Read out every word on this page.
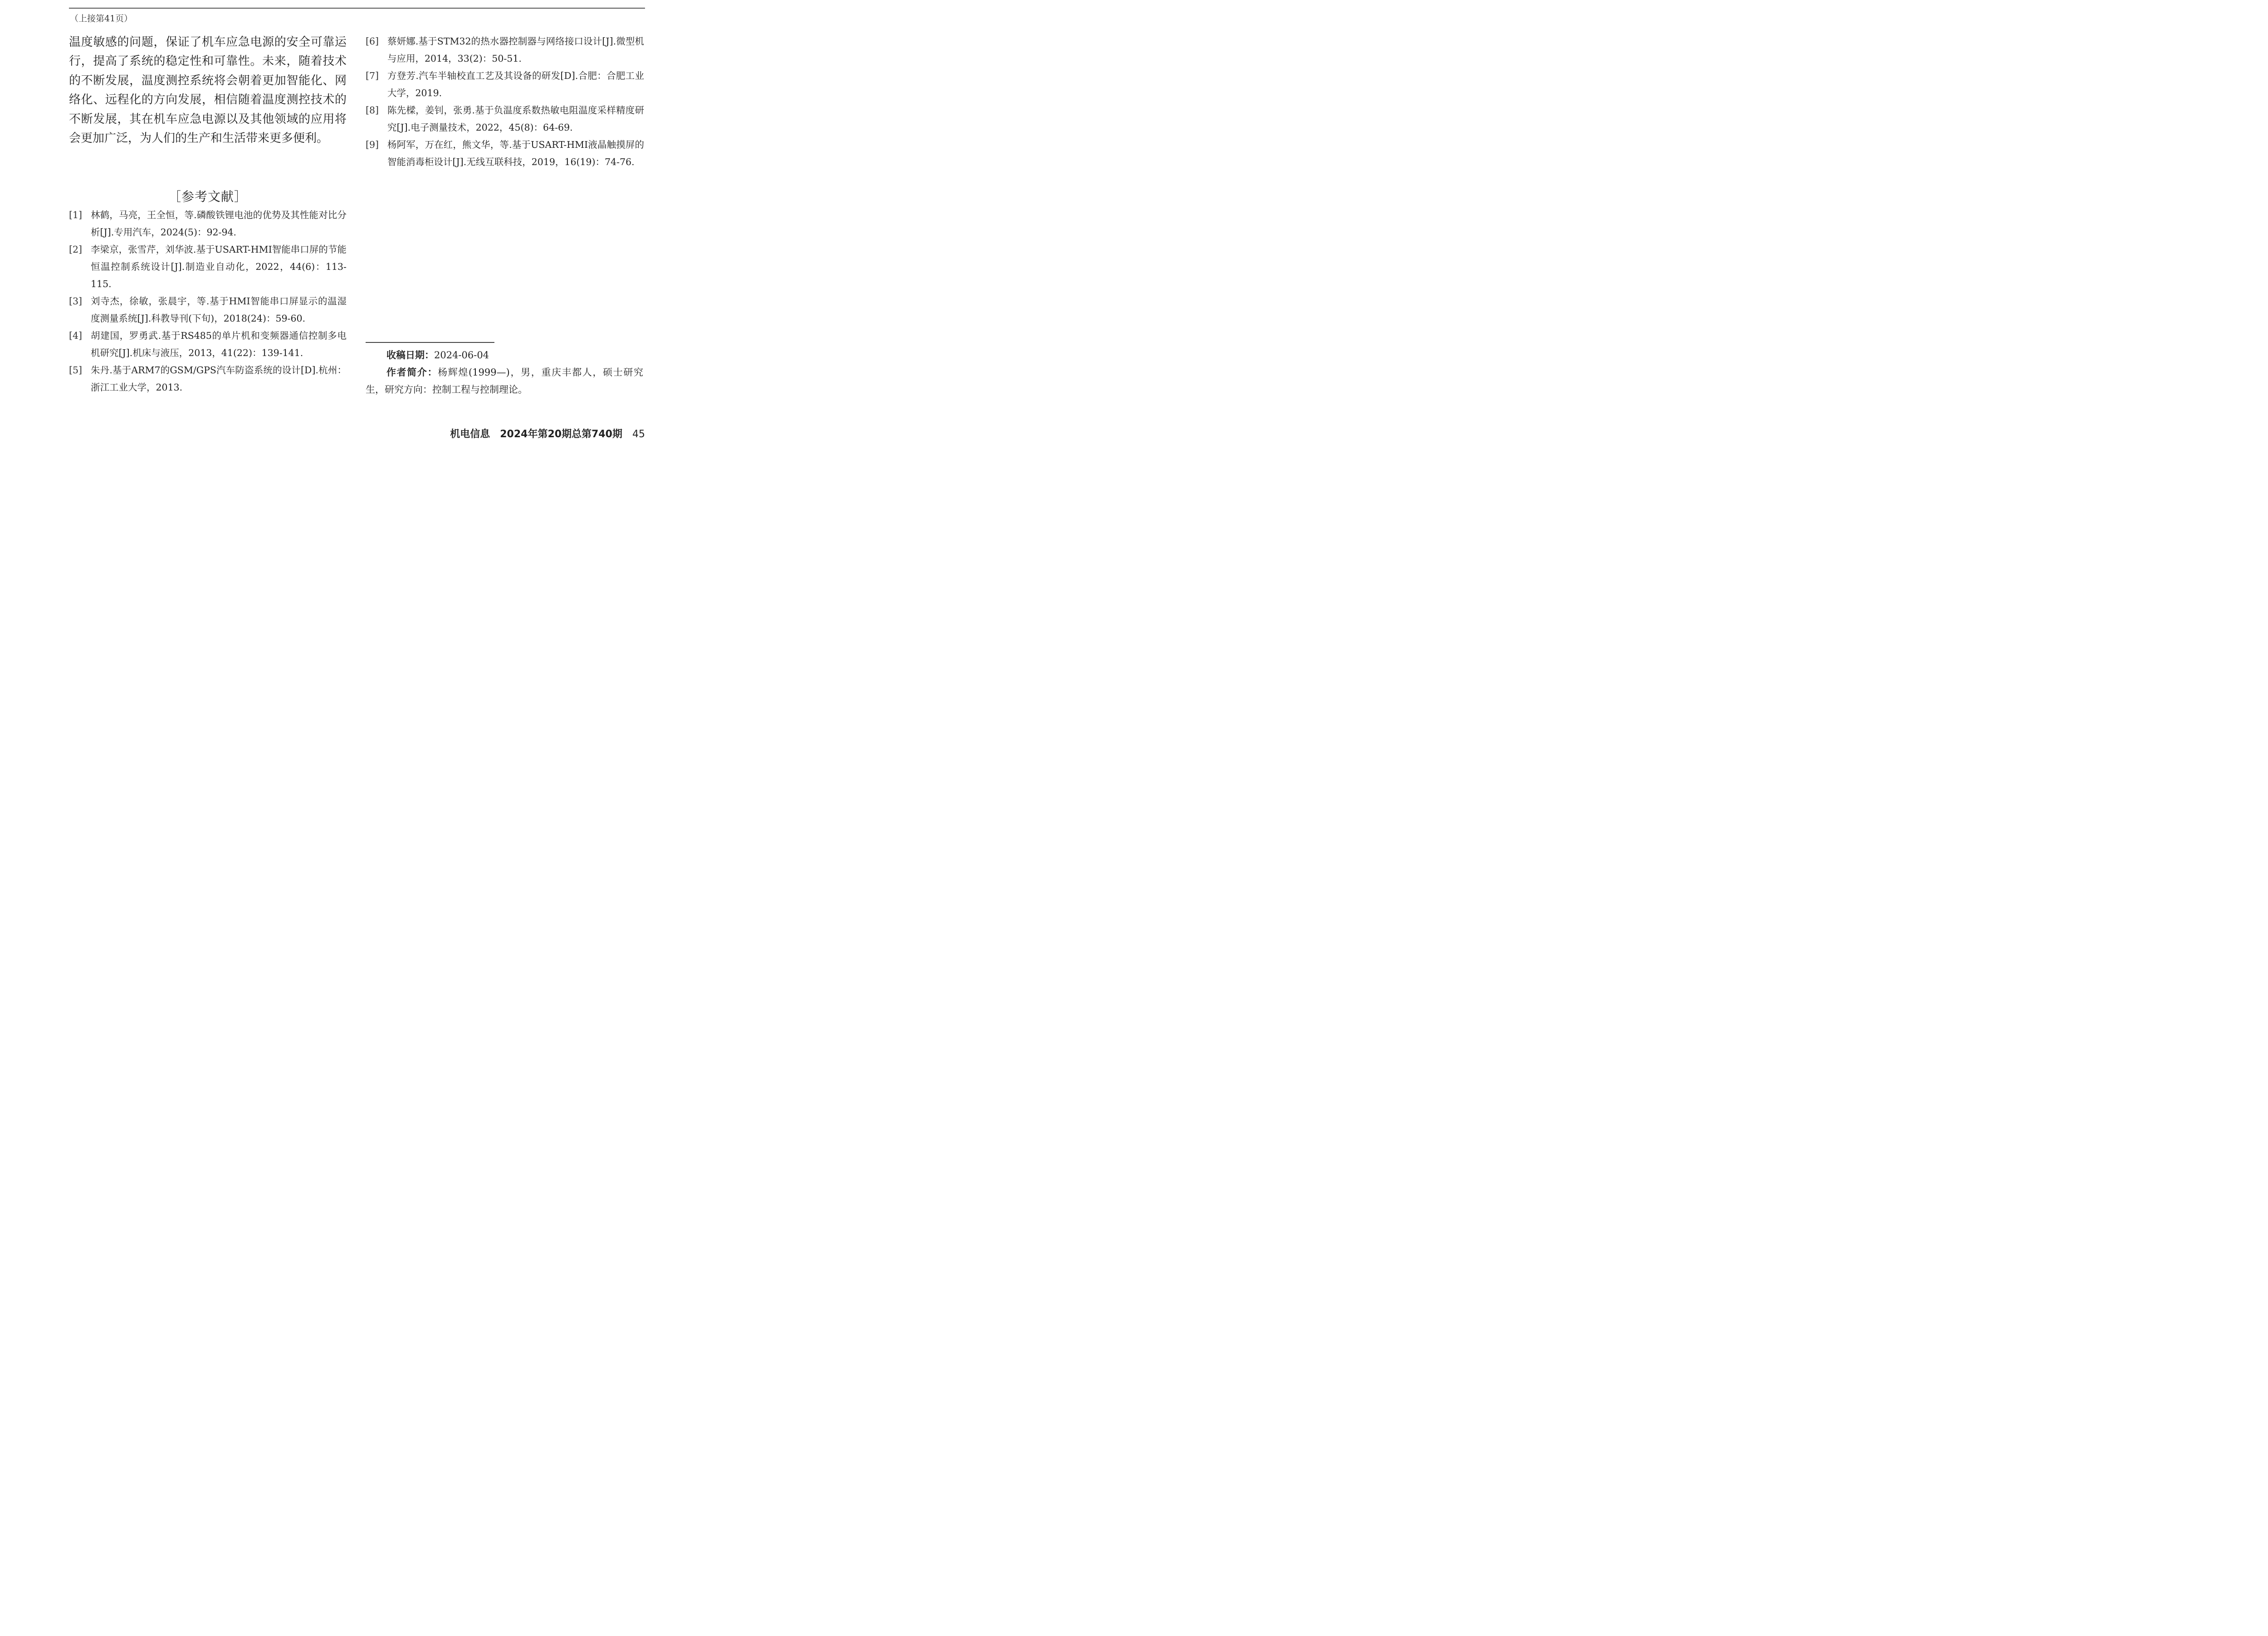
（上接第41页）

温度敏感的问题，保证了机车应急电源的安全可靠运行，提高了系统的稳定性和可靠性。未来，随着技术的不断发展，温度测控系统将会朝着更加智能化、网络化、远程化的方向发展，相信随着温度测控技术的不断发展，其在机车应急电源以及其他领域的应用将会更加广泛，为人们的生产和生活带来更多便利。

［参考文献］
[1] 林鹤，马亮，王全恒，等.磷酸铁锂电池的优势及其性能对比分析[J].专用汽车，2024(5)：92-94.
[2] 李梁京，张雪芹，刘华波.基于USART-HMI智能串口屏的节能恒温控制系统设计[J].制造业自动化，2022，44(6)：113-115.
[3] 刘寺杰，徐敏，张晨宇，等.基于HMI智能串口屏显示的温湿度测量系统[J].科教导刊(下旬)，2018(24)：59-60.
[4] 胡建国，罗勇武.基于RS485的单片机和变频器通信控制多电机研究[J].机床与液压，2013，41(22)：139-141.
[5] 朱丹.基于ARM7的GSM/GPS汽车防盗系统的设计[D].杭州：浙江工业大学，2013.
[6] 蔡妍娜.基于STM32的热水器控制器与网络接口设计[J].微型机与应用，2014，33(2)：50-51.
[7] 方登芳.汽车半轴校直工艺及其设备的研发[D].合肥：合肥工业大学，2019.
[8] 陈先樑，姜钊，张勇.基于负温度系数热敏电阻温度采样精度研究[J].电子测量技术，2022，45(8)：64-69.
[9] 杨阿军，万在红，熊文华，等.基于USART-HMI液晶触摸屏的智能消毒柜设计[J].无线互联科技，2019，16(19)：74-76.

收稿日期：2024-06-04

作者简介：杨辉煌(1999—)，男，重庆丰都人，硕士研究生，研究方向：控制工程与控制理论。

机电信息 2024年第20期总第740期 45
